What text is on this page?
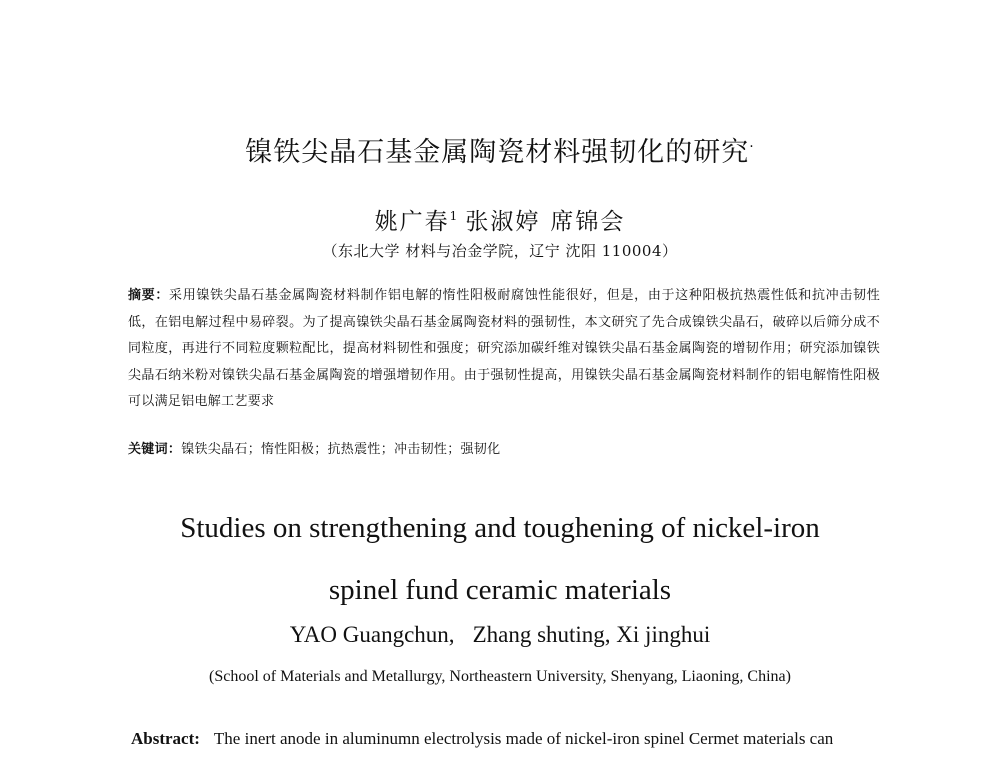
镍铁尖晶石基金属陶瓷材料强韧化的研究·
姚广春$^1$ 张淑婷 席锦会
（东北大学 材料与冶金学院，辽宁 沈阳 110004）
摘要：采用镍铁尖晶石基金属陶瓷材料制作铝电解的惰性阳极耐腐蚀性能很好，但是，由于这种阳极抗热震性低和抗冲击韧性低，在铝电解过程中易碎裂。为了提高镍铁尖晶石基金属陶瓷材料的强韧性，本文研究了先合成镍铁尖晶石，破碎以后筛分成不同粒度，再进行不同粒度颗粒配比，提高材料韧性和强度；研究添加碳纤维对镍铁尖晶石基金属陶瓷的增韧作用；研究添加镍铁尖晶石纳米粉对镍铁尖晶石基金属陶瓷的增强增韧作用。由于强韧性提高，用镍铁尖晶石基金属陶瓷材料制作的铝电解惰性阳极可以满足铝电解工艺要求
关键词：镍铁尖晶石；惰性阳极；抗热震性；冲击韧性；强韧化
Studies on strengthening and toughening of nickel-iron
spinel fund ceramic materials
YAO Guangchun, Zhang shuting, Xi jinghui
(School of Materials and Metallurgy, Northeastern University, Shenyang, Liaoning, China)
Abstract: The inert anode in aluminumn electrolysis made of nickel-iron spinel Cermet materials can
